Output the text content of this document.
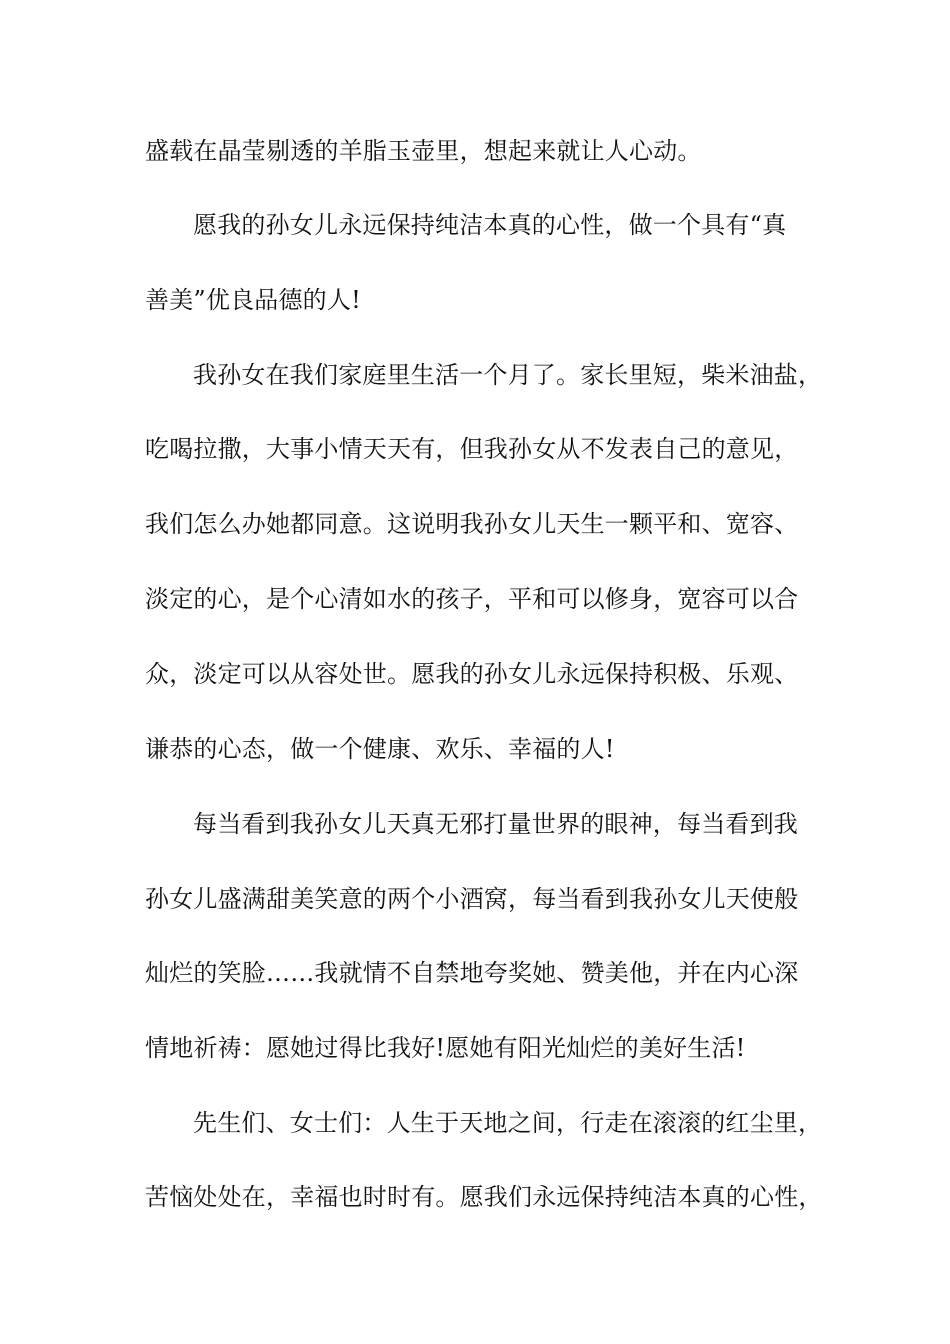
盛载在晶莹剔透的羊脂玉壶里，想起来就让人心动。
愿我的孙女儿永远保持纯洁本真的心性，做一个具有“真
善美”优良品德的人!
我孙女在我们家庭里生活一个月了。家长里短，柴米油盐，
吃喝拉撒，大事小情天天有，但我孙女从不发表自己的意见，
我们怎么办她都同意。这说明我孙女儿天生一颗平和、宽容、
淡定的心，是个心清如水的孩子，平和可以修身，宽容可以合
众，淡定可以从容处世。愿我的孙女儿永远保持积极、乐观、
谦恭的心态，做一个健康、欢乐、幸福的人!
每当看到我孙女儿天真无邪打量世界的眼神，每当看到我
孙女儿盛满甜美笑意的两个小酒窝，每当看到我孙女儿天使般
灿烂的笑脸……我就情不自禁地夸奖她、赞美他，并在内心深
情地祈祷：愿她过得比我好!愿她有阳光灿烂的美好生活!
先生们、女士们：人生于天地之间，行走在滚滚的红尘里，
苦恼处处在，幸福也时时有。愿我们永远保持纯洁本真的心性，
